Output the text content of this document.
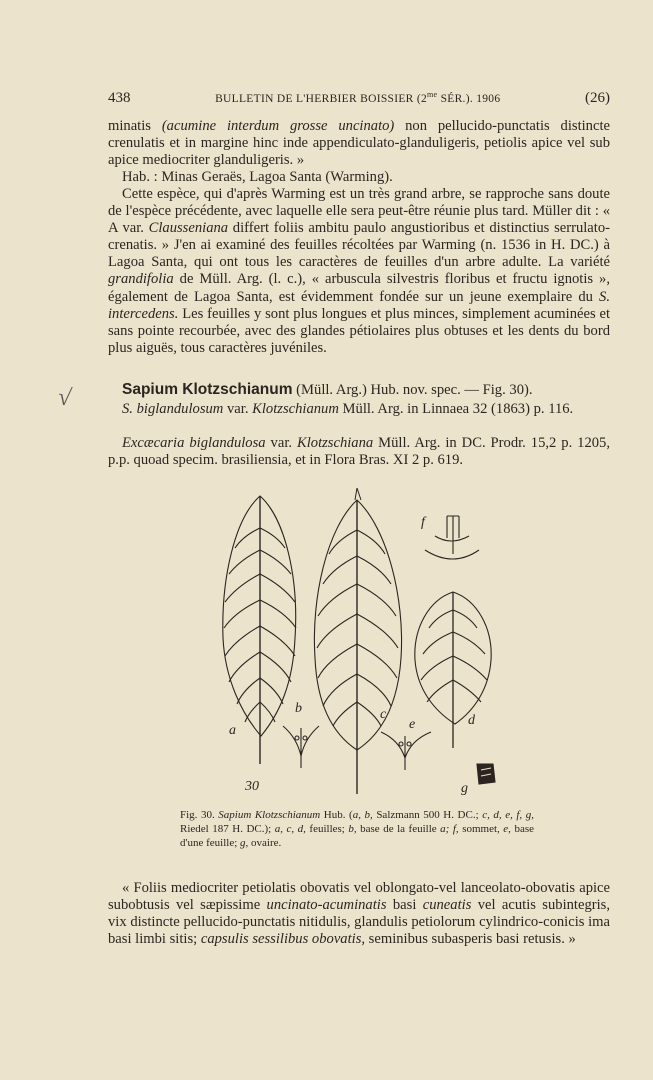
438	BULLETIN DE L'HERBIER BOISSIER ($2^{me}$ SÉR.). 1906	(26)

minatis (acumine interdum grosse uncinato) non pellucido-punctatis distincte crenulatis et in margine hinc inde appendiculato-glanduligeris, petiolis apice vel sub apice mediocriter glanduligeris. »

Hab. : Minas Geraës, Lagoa Santa (Warming).

Cette espèce, qui d'après Warming est un très grand arbre, se rapproche sans doute de l'espèce précédente, avec laquelle elle sera peut-être réunie plus tard. Müller dit : « A var. Clausseniana differt foliis ambitu paulo angustioribus et distinctius serrulato-crenatis. » J'en ai examiné des feuilles récoltées par Warming (n. 1536 in H. DC.) à Lagoa Santa, qui ont tous les caractères de feuilles d'un arbre adulte. La variété grandifolia de Müll. Arg. (l. c.), « arbuscula silvestris floribus et fructu ignotis », également de Lagoa Santa, est évidemment fondée sur un jeune exemplaire du S. intercedens. Les feuilles y sont plus longues et plus minces, simplement acuminées et sans pointe recourbée, avec des glandes pétiolaires plus obtuses et les dents du bord plus aiguës, tous caractères juvéniles.

√	Sapium Klotzschianum (Müll. Arg.) Hub. nov. spec. — Fig. 30).

S. biglandulosum var. Klotzschianum Müll. Arg. in Linnaea 32 (1863) p. 116.

Excæcaria biglandulosa var. Klotzschiana Müll. Arg. in DC. Prodr. 15,2 p. 1205, p.p. quoad specim. brasiliensia, et in Flora Bras. XI 2 p. 619.

a
b	c
e	d
f
g
30

Fig. 30. Sapium Klotzschianum Hub. (a, b, Salzmann 500 H. DC.; c, d, e, f, g, Riedel 187 H. DC.); a, c, d, feuilles; b, base de la feuille a; f, sommet, e, base d'une feuille; g, ovaire.

« Foliis mediocriter petiolatis obovatis vel oblongato-vel lanceolato-obovatis apice subobtusis vel sæpissime uncinato-acuminatis basi cuneatis vel acutis subintegris, vix distincte pellucido-punctatis nitidulis, glandulis petiolorum cylindrico-conicis ima basi limbi sitis; capsulis sessilibus obovatis, seminibus subasperis basi retusis. »
